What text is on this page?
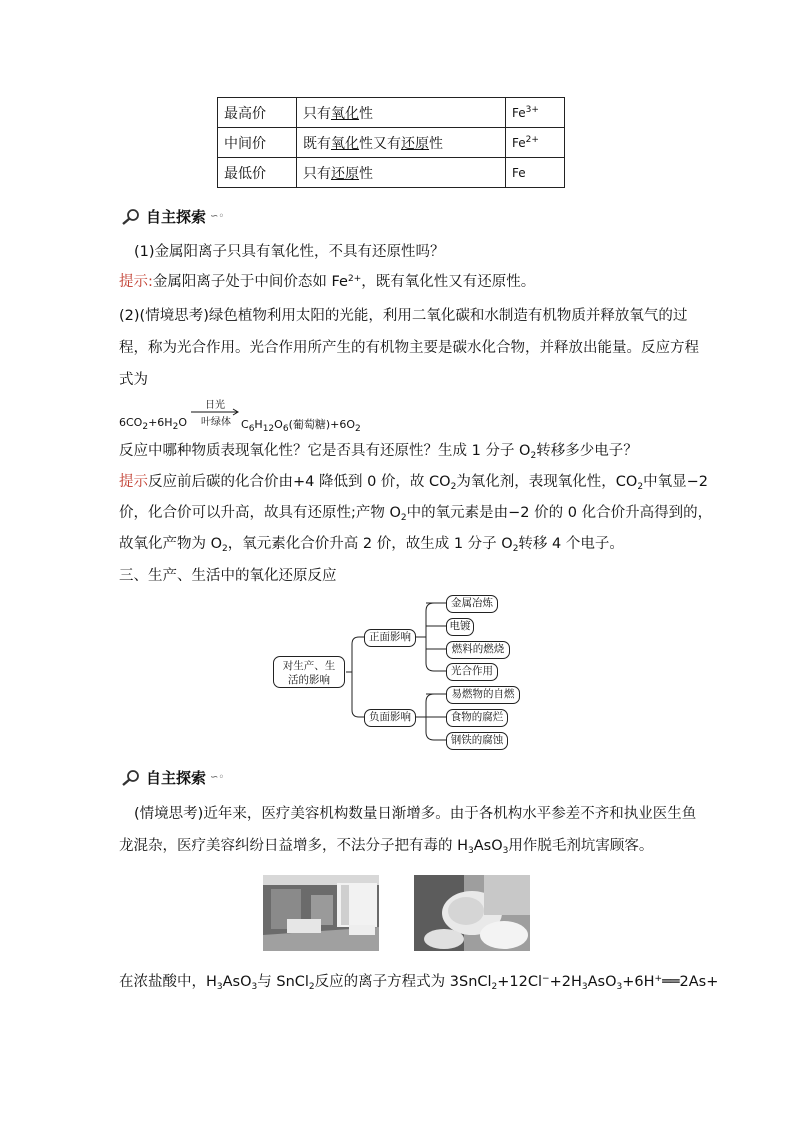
最高价	只有氧化性	$Fe^{3+}$
中间价	既有氧化性又有还原性	$Fe^{2+}$
最低价	只有还原性	Fe
自主探索 ∽◦
(1)金属阳离子只具有氧化性，不具有还原性吗？
提示:金属阳离子处于中间价态如 $Fe^{2+}$，既有氧化性又有还原性。
(2)(情境思考)绿色植物利用太阳的光能，利用二氧化碳和水制造有机物质并释放氧气的过
程，称为光合作用。光合作用所产生的有机物主要是碳水化合物，并释放出能量。反应方程
式为
$6CO_2+6H_2O$
日光
叶绿体 $C_6H_{12}O_6$(葡萄糖)$+6O_2$
反应中哪种物质表现氧化性？它是否具有还原性？生成 1 分子 $O_2$转移多少电子？
提示反应前后碳的化合价由+4 降低到 0 价，故 $CO_2$为氧化剂，表现氧化性，$CO_2$中氧显−2
价，化合价可以升高，故具有还原性;产物 $O_2$中的氧元素是由−2 价的 0 化合价升高得到的，
故氧化产物为 $O_2$，氧元素化合价升高 2 价，故生成 1 分子 $O_2$转移 4 个电子。
三、生产、生活中的氧化还原反应
对生产、生
活的影响
正面影响
负面影响
金属冶炼
电镀
燃料的燃烧
光合作用
易燃物的自燃
食物的腐烂
钢铁的腐蚀
自主探索 ∽◦
(情境思考)近年来，医疗美容机构数量日渐增多。由于各机构水平参差不齐和执业医生鱼
龙混杂，医疗美容纠纷日益增多，不法分子把有毒的 $H_3AsO_3$用作脱毛剂坑害顾客。
在浓盐酸中，$H_3AsO_3$与 SnCl$_2$反应的离子方程式为 $3SnCl_2+12Cl^-+2H_3AsO_3+6H^+══2As+$
